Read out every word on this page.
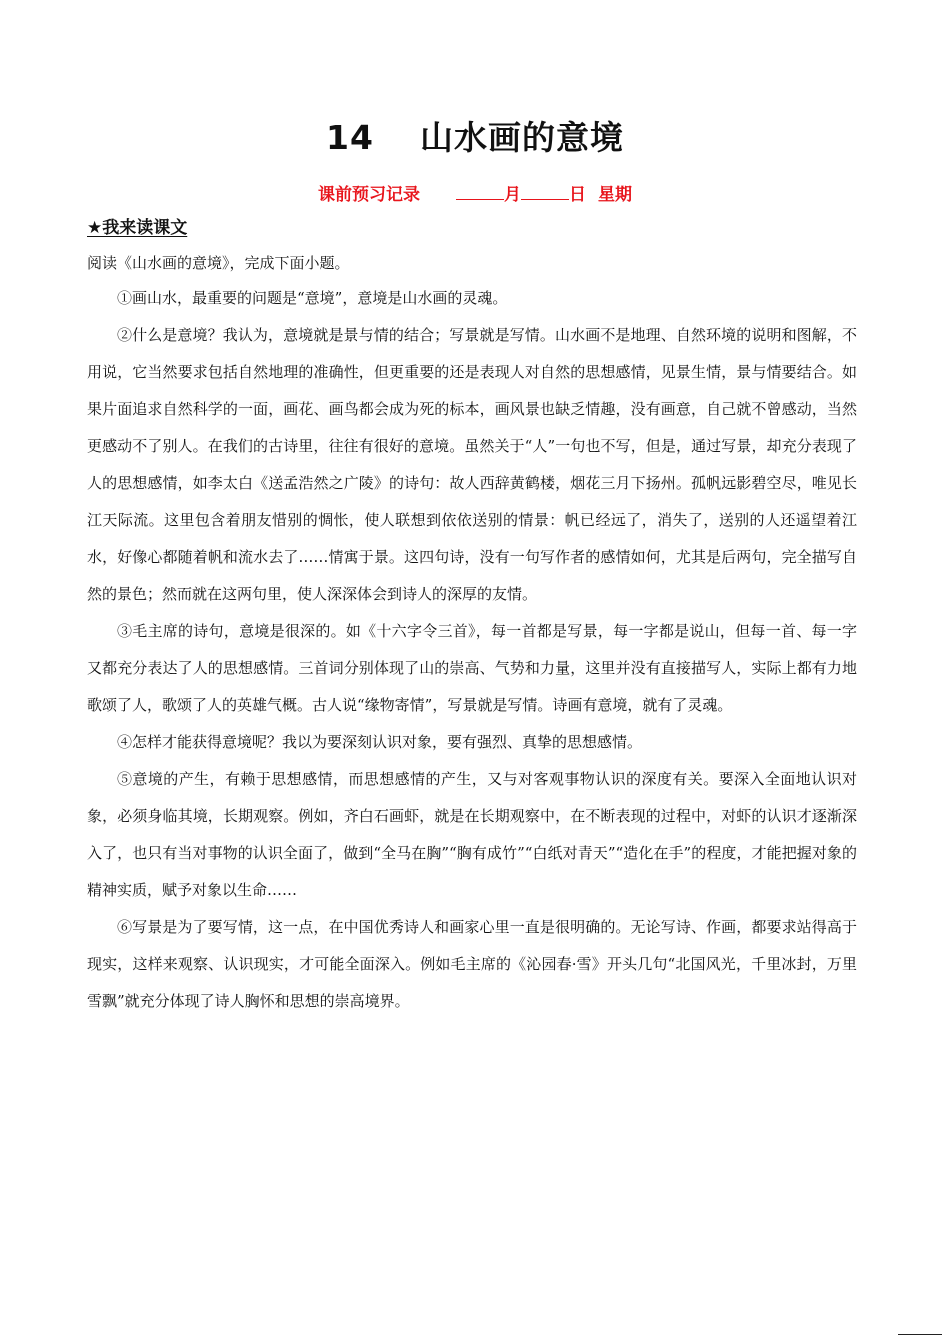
14 山水画的意境
课前预习记录	月	日 星期
★我来读课文
阅读《山水画的意境》，完成下面小题。

①画山水，最重要的问题是“意境”，意境是山水画的灵魂。

②什么是意境？我认为，意境就是景与情的结合；写景就是写情。山水画不是地理、自然环境的说明和图解，不用说，它当然要求包括自然地理的准确性，但更重要的还是表现人对自然的思想感情，见景生情，景与情要结合。如果片面追求自然科学的一面，画花、画鸟都会成为死的标本，画风景也缺乏情趣，没有画意，自己就不曾感动，当然更感动不了别人。在我们的古诗里，往往有很好的意境。虽然关于“人”一句也不写，但是，通过写景，却充分表现了人的思想感情，如李太白《送孟浩然之广陵》的诗句：故人西辞黄鹤楼，烟花三月下扬州。孤帆远影碧空尽，唯见长江天际流。这里包含着朋友惜别的惆怅，使人联想到依依送别的情景：帆已经远了，消失了，送别的人还遥望着江水，好像心都随着帆和流水去了……情寓于景。这四句诗，没有一句写作者的感情如何，尤其是后两句，完全描写自然的景色；然而就在这两句里，使人深深体会到诗人的深厚的友情。

③毛主席的诗句，意境是很深的。如《十六字令三首》，每一首都是写景，每一字都是说山，但每一首、每一字又都充分表达了人的思想感情。三首词分别体现了山的崇高、气势和力量，这里并没有直接描写人，实际上都有力地歌颂了人，歌颂了人的英雄气概。古人说“缘物寄情”，写景就是写情。诗画有意境，就有了灵魂。

④怎样才能获得意境呢？我以为要深刻认识对象，要有强烈、真挚的思想感情。

⑤意境的产生，有赖于思想感情，而思想感情的产生，又与对客观事物认识的深度有关。要深入全面地认识对象，必须身临其境，长期观察。例如，齐白石画虾，就是在长期观察中，在不断表现的过程中，对虾的认识才逐渐深入了，也只有当对事物的认识全面了，做到“全马在胸”“胸有成竹”“白纸对青天”“造化在手”的程度，才能把握对象的精神实质，赋予对象以生命……

⑥写景是为了要写情，这一点，在中国优秀诗人和画家心里一直是很明确的。无论写诗、作画，都要求站得高于现实，这样来观察、认识现实，才可能全面深入。例如毛主席的《沁园春·雪》开头几句“北国风光，千里冰封，万里雪飘”就充分体现了诗人胸怀和思想的崇高境界。
